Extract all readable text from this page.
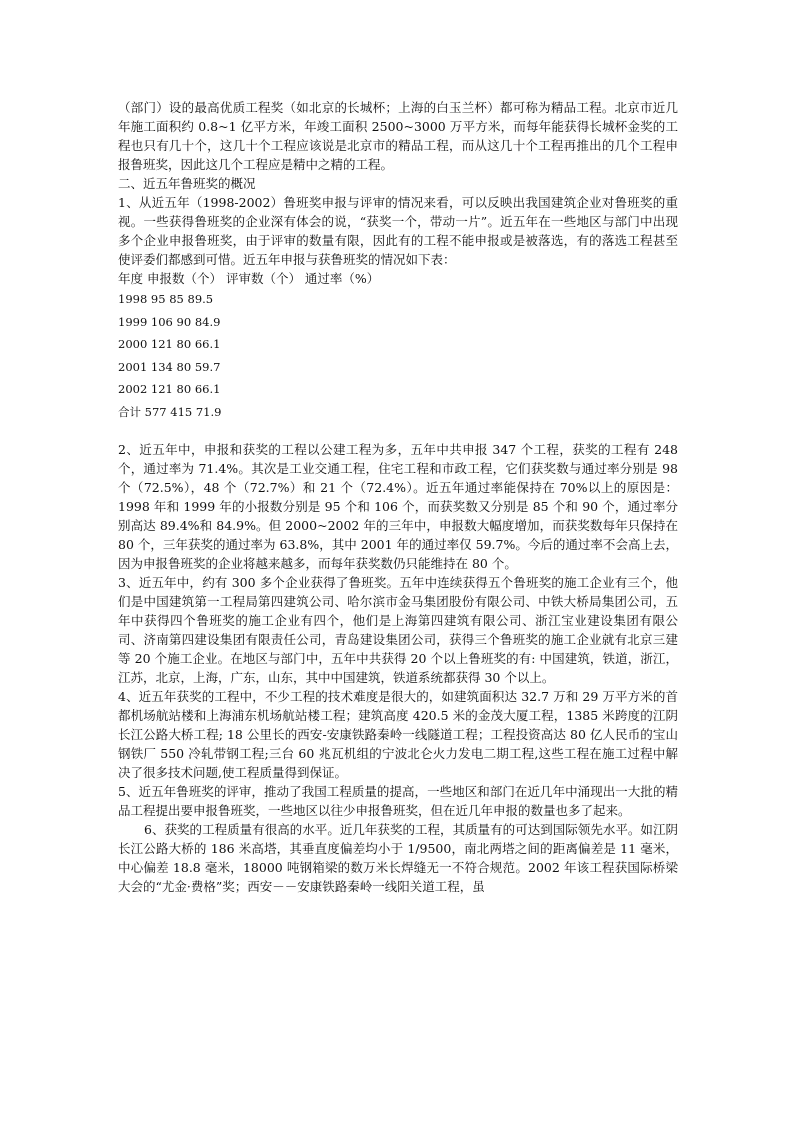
（部门）设的最高优质工程奖（如北京的长城杯；上海的白玉兰杯）都可称为精品工程。北京市近几年施工面积约 0.8~1 亿平方米，年竣工面积 2500~3000 万平方米，而每年能获得长城杯金奖的工程也只有几十个，这几十个工程应该说是北京市的精品工程，而从这几十个工程再推出的几个工程申报鲁班奖，因此这几个工程应是精中之精的工程。

二、近五年鲁班奖的概况

1、从近五年（1998-2002）鲁班奖申报与评审的情况来看，可以反映出我国建筑企业对鲁班奖的重视。一些获得鲁班奖的企业深有体会的说，“获奖一个，带动一片”。近五年在一些地区与部门中出现多个企业申报鲁班奖，由于评审的数量有限，因此有的工程不能申报或是被落选，有的落选工程甚至使评委们都感到可惜。近五年申报与获鲁班奖的情况如下表：

年度 申报数（个） 评审数（个） 通过率（%）

1998 95 85 89.5
1999 106 90 84.9
2000 121 80 66.1
2001 134 80 59.7
2002 121 80 66.1
合计 577 415 71.9

2、近五年中，申报和获奖的工程以公建工程为多，五年中共申报 347 个工程，获奖的工程有 248 个，通过率为 71.4%。其次是工业交通工程，住宅工程和市政工程，它们获奖数与通过率分别是 98 个（72.5%），48 个（72.7%）和 21 个（72.4%）。近五年通过率能保持在 70%以上的原因是：1998 年和 1999 年的小报数分别是 95 个和 106 个，而获奖数又分别是 85 个和 90 个，通过率分别高达 89.4%和 84.9%。但 2000~2002 年的三年中，申报数大幅度增加，而获奖数每年只保持在 80 个，三年获奖的通过率为 63.8%，其中 2001 年的通过率仅 59.7%。今后的通过率不会高上去，因为申报鲁班奖的企业将越来越多，而每年获奖数仍只能维持在 80 个。

3、近五年中，约有 300 多个企业获得了鲁班奖。五年中连续获得五个鲁班奖的施工企业有三个，他们是中国建筑第一工程局第四建筑公司、哈尔滨市金马集团股份有限公司、中铁大桥局集团公司，五年中获得四个鲁班奖的施工企业有四个，他们是上海第四建筑有限公司、浙江宝业建设集团有限公司、济南第四建设集团有限责任公司，青岛建设集团公司，获得三个鲁班奖的施工企业就有北京三建等 20 个施工企业。在地区与部门中，五年中共获得 20 个以上鲁班奖的有: 中国建筑，铁道，浙江，江苏，北京，上海，广东，山东，其中中国建筑，铁道系统都获得 30 个以上。

4、近五年获奖的工程中，不少工程的技术难度是很大的，如建筑面积达 32.7 万和 29 万平方米的首都机场航站楼和上海浦东机场航站楼工程；建筑高度 420.5 米的金茂大厦工程，1385 米跨度的江阴长江公路大桥工程; 18 公里长的西安-安康铁路秦岭一线隧道工程；工程投资高达 80 亿人民币的宝山钢铁厂 550 冷轧带钢工程;三台 60 兆瓦机组的宁波北仑火力发电二期工程,这些工程在施工过程中解决了很多技术问题,使工程质量得到保证。

5、近五年鲁班奖的评审，推动了我国工程质量的提高，一些地区和部门在近几年中涌现出一大批的精品工程提出要申报鲁班奖，一些地区以往少申报鲁班奖，但在近几年申报的数量也多了起来。

6、获奖的工程质量有很高的水平。近几年获奖的工程，其质量有的可达到国际领先水平。如江阴长江公路大桥的 186 米高塔，其垂直度偏差均小于 1/9500，南北两塔之间的距离偏差是 11 毫米，中心偏差 18.8 毫米，18000 吨钢箱梁的数万米长焊缝无一不符合规范。2002 年该工程获国际桥梁大会的“尤金·费格”奖；西安－－安康铁路秦岭一线阳关道工程，虽
